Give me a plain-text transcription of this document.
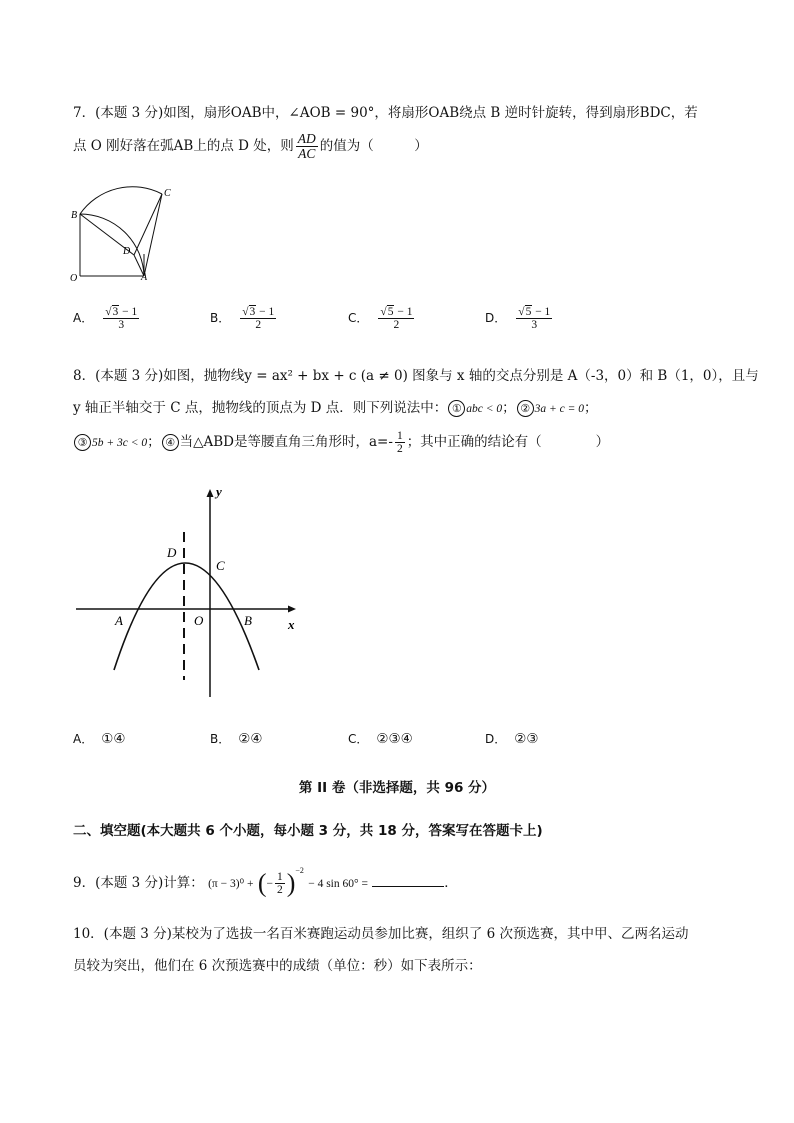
7．(本题 3 分)如图，扇形OAB中，∠AOB = 90°，将扇形OAB绕点 B 逆时针旋转，得到扇形BDC，若
点 O 刚好落在弧AB上的点 D 处，则 $\frac{AD}{AC}$ 的值为（　　　）
B
C
D
O	A
A． $\frac{√3 - 1}{3}$	B． $\frac{√3 - 1}{2}$	C． $\frac{√5 - 1}{2}$	D． $\frac{√5 - 1}{3}$
8．(本题 3 分)如图，抛物线y = ax² + bx + c (a ≠ 0) 图象与 x 轴的交点分别是 A（-3，0）和 B（1，0），且与
y 轴正半轴交于 C 点，抛物线的顶点为 D 点．则下列说法中： ① abc < 0； ② 3a + c = 0；
③ 5b + 3c < 0； ④ 当△ABD是等腰直角三角形时，$a=- \frac{1}{2}$ ；其中正确的结论有（　　　　）
y
x
D
C
A	O	B
A． ①④	B． ②④	C． ②③④	D． ②③
第 II 卷（非选择题，共 96 分）
二、填空题(本大题共 6 个小题，每小题 3 分，共 18 分，答案写在答题卡上)
9．(本题 3 分)计算： (π − 3)⁰ + (− $\frac{1}{2} )^{-2} - 4$ sin 60° =	．
10．(本题 3 分)某校为了选拔一名百米赛跑运动员参加比赛，组织了 6 次预选赛，其中甲、乙两名运动
员较为突出，他们在 6 次预选赛中的成绩（单位：秒）如下表所示：
